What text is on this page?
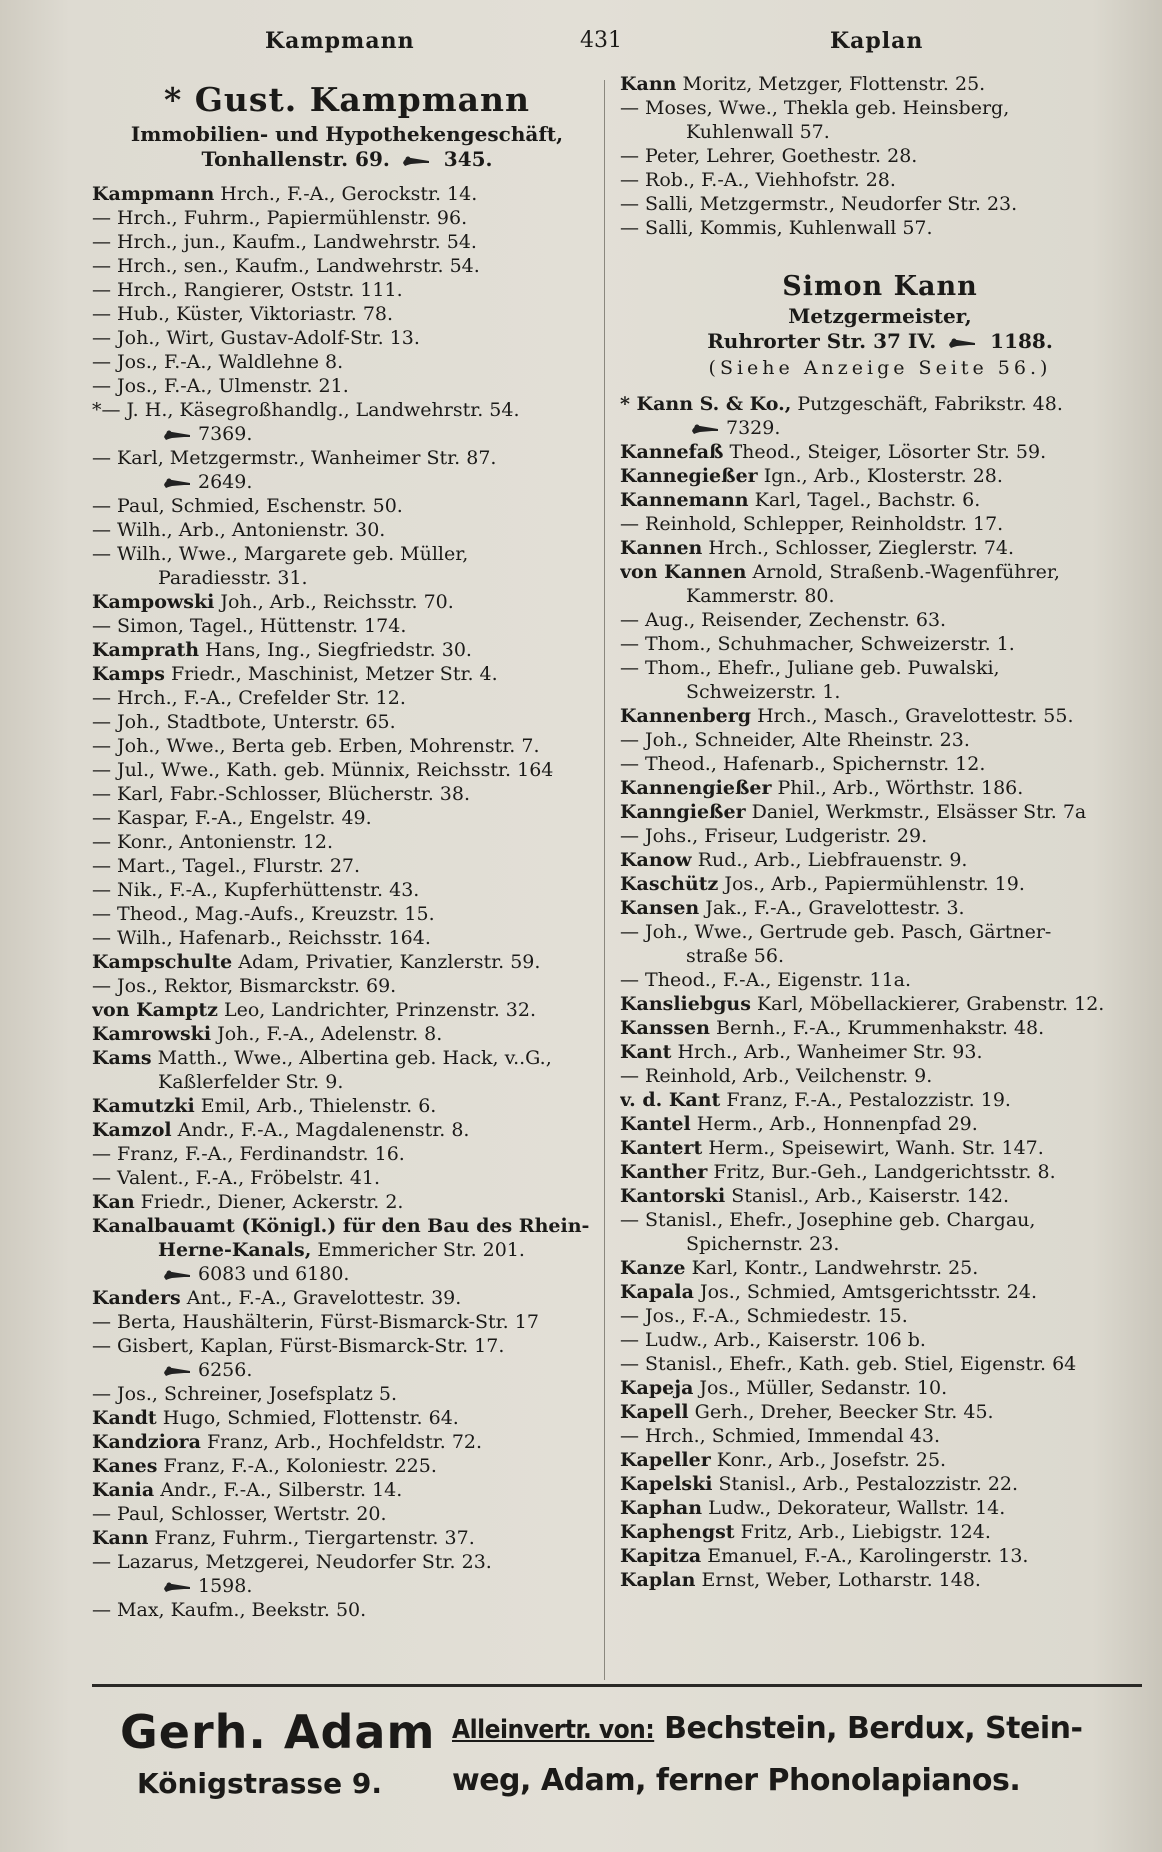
Kampmann	431	Kaplan
* Gust. Kampmann
Immobilien- und Hypothekengeschäft,
Tonhallenstr. 69.	345.
Kampmann Hrch., F.-A., Gerockstr. 14.
— Hrch., Fuhrm., Papiermühlenstr. 96.
— Hrch., jun., Kaufm., Landwehrstr. 54.
— Hrch., sen., Kaufm., Landwehrstr. 54.
— Hrch., Rangierer, Oststr. 111.
— Hub., Küster, Viktoriastr. 78.
— Joh., Wirt, Gustav-Adolf-Str. 13.
— Jos., F.-A., Waldlehne 8.
— Jos., F.-A., Ulmenstr. 21.
*— J. H., Käsegroßhandlg., Landwehrstr. 54.
7369.
— Karl, Metzgermstr., Wanheimer Str. 87.
2649.
— Paul, Schmied, Eschenstr. 50.
— Wilh., Arb., Antonienstr. 30.
— Wilh., Wwe., Margarete geb. Müller,
Paradiesstr. 31.
Kampowski Joh., Arb., Reichsstr. 70.
— Simon, Tagel., Hüttenstr. 174.
Kamprath Hans, Ing., Siegfriedstr. 30.
Kamps Friedr., Maschinist, Metzer Str. 4.
— Hrch., F.-A., Crefelder Str. 12.
— Joh., Stadtbote, Unterstr. 65.
— Joh., Wwe., Berta geb. Erben, Mohrenstr. 7.
— Jul., Wwe., Kath. geb. Münnix, Reichsstr. 164
— Karl, Fabr.-Schlosser, Blücherstr. 38.
— Kaspar, F.-A., Engelstr. 49.
— Konr., Antonienstr. 12.
— Mart., Tagel., Flurstr. 27.
— Nik., F.-A., Kupferhüttenstr. 43.
— Theod., Mag.-Aufs., Kreuzstr. 15.
— Wilh., Hafenarb., Reichsstr. 164.
Kampschulte Adam, Privatier, Kanzlerstr. 59.
— Jos., Rektor, Bismarckstr. 69.
von Kamptz Leo, Landrichter, Prinzenstr. 32.
Kamrowski Joh., F.-A., Adelenstr. 8.
Kams Matth., Wwe., Albertina geb. Hack, v..G.,
Kaßlerfelder Str. 9.
Kamutzki Emil, Arb., Thielenstr. 6.
Kamzol Andr., F.-A., Magdalenenstr. 8.
— Franz, F.-A., Ferdinandstr. 16.
— Valent., F.-A., Fröbelstr. 41.
Kan Friedr., Diener, Ackerstr. 2.
Kanalbauamt (Königl.) für den Bau des Rhein-
Herne-Kanals, Emmericher Str. 201.
6083 und 6180.
Kanders Ant., F.-A., Gravelottestr. 39.
— Berta, Haushälterin, Fürst-Bismarck-Str. 17
— Gisbert, Kaplan, Fürst-Bismarck-Str. 17.
6256.
— Jos., Schreiner, Josefsplatz 5.
Kandt Hugo, Schmied, Flottenstr. 64.
Kandziora Franz, Arb., Hochfeldstr. 72.
Kanes Franz, F.-A., Koloniestr. 225.
Kania Andr., F.-A., Silberstr. 14.
— Paul, Schlosser, Wertstr. 20.
Kann Franz, Fuhrm., Tiergartenstr. 37.
— Lazarus, Metzgerei, Neudorfer Str. 23.
1598.
— Max, Kaufm., Beekstr. 50.
Kann Moritz, Metzger, Flottenstr. 25.
— Moses, Wwe., Thekla geb. Heinsberg,
Kuhlenwall 57.
— Peter, Lehrer, Goethestr. 28.
— Rob., F.-A., Viehhofstr. 28.
— Salli, Metzgermstr., Neudorfer Str. 23.
— Salli, Kommis, Kuhlenwall 57.
Simon Kann
Metzgermeister,
Ruhrorter Str. 37 IV.	1188.
(Siehe Anzeige Seite 56.)
* Kann S. & Ko., Putzgeschäft, Fabrikstr. 48.
7329.
Kannefaß Theod., Steiger, Lösorter Str. 59.
Kannegießer Ign., Arb., Klosterstr. 28.
Kannemann Karl, Tagel., Bachstr. 6.
— Reinhold, Schlepper, Reinholdstr. 17.
Kannen Hrch., Schlosser, Zieglerstr. 74.
von Kannen Arnold, Straßenb.-Wagenführer,
Kammerstr. 80.
— Aug., Reisender, Zechenstr. 63.
— Thom., Schuhmacher, Schweizerstr. 1.
— Thom., Ehefr., Juliane geb. Puwalski,
Schweizerstr. 1.
Kannenberg Hrch., Masch., Gravelottestr. 55.
— Joh., Schneider, Alte Rheinstr. 23.
— Theod., Hafenarb., Spichernstr. 12.
Kannengießer Phil., Arb., Wörthstr. 186.
Kanngießer Daniel, Werkmstr., Elsässer Str. 7a
— Johs., Friseur, Ludgeristr. 29.
Kanow Rud., Arb., Liebfrauenstr. 9.
Kaschütz Jos., Arb., Papiermühlenstr. 19.
Kansen Jak., F.-A., Gravelottestr. 3.
— Joh., Wwe., Gertrude geb. Pasch, Gärtner-
straße 56.
— Theod., F.-A., Eigenstr. 11a.
Kansliebgus Karl, Möbellackierer, Grabenstr. 12.
Kanssen Bernh., F.-A., Krummenhakstr. 48.
Kant Hrch., Arb., Wanheimer Str. 93.
— Reinhold, Arb., Veilchenstr. 9.
v. d. Kant Franz, F.-A., Pestalozzistr. 19.
Kantel Herm., Arb., Honnenpfad 29.
Kantert Herm., Speisewirt, Wanh. Str. 147.
Kanther Fritz, Bur.-Geh., Landgerichtsstr. 8.
Kantorski Stanisl., Arb., Kaiserstr. 142.
— Stanisl., Ehefr., Josephine geb. Chargau,
Spichernstr. 23.
Kanze Karl, Kontr., Landwehrstr. 25.
Kapala Jos., Schmied, Amtsgerichtsstr. 24.
— Jos., F.-A., Schmiedestr. 15.
— Ludw., Arb., Kaiserstr. 106 b.
— Stanisl., Ehefr., Kath. geb. Stiel, Eigenstr. 64
Kapeja Jos., Müller, Sedanstr. 10.
Kapell Gerh., Dreher, Beecker Str. 45.
— Hrch., Schmied, Immendal 43.
Kapeller Konr., Arb., Josefstr. 25.
Kapelski Stanisl., Arb., Pestalozzistr. 22.
Kaphan Ludw., Dekorateur, Wallstr. 14.
Kaphengst Fritz, Arb., Liebigstr. 124.
Kapitza Emanuel, F.-A., Karolingerstr. 13.
Kaplan Ernst, Weber, Lotharstr. 148.
Gerh. Adam
Königstrasse 9.
Alleinvertr. von: Bechstein, Berdux, Stein-
weg, Adam, ferner Phonolapianos.
